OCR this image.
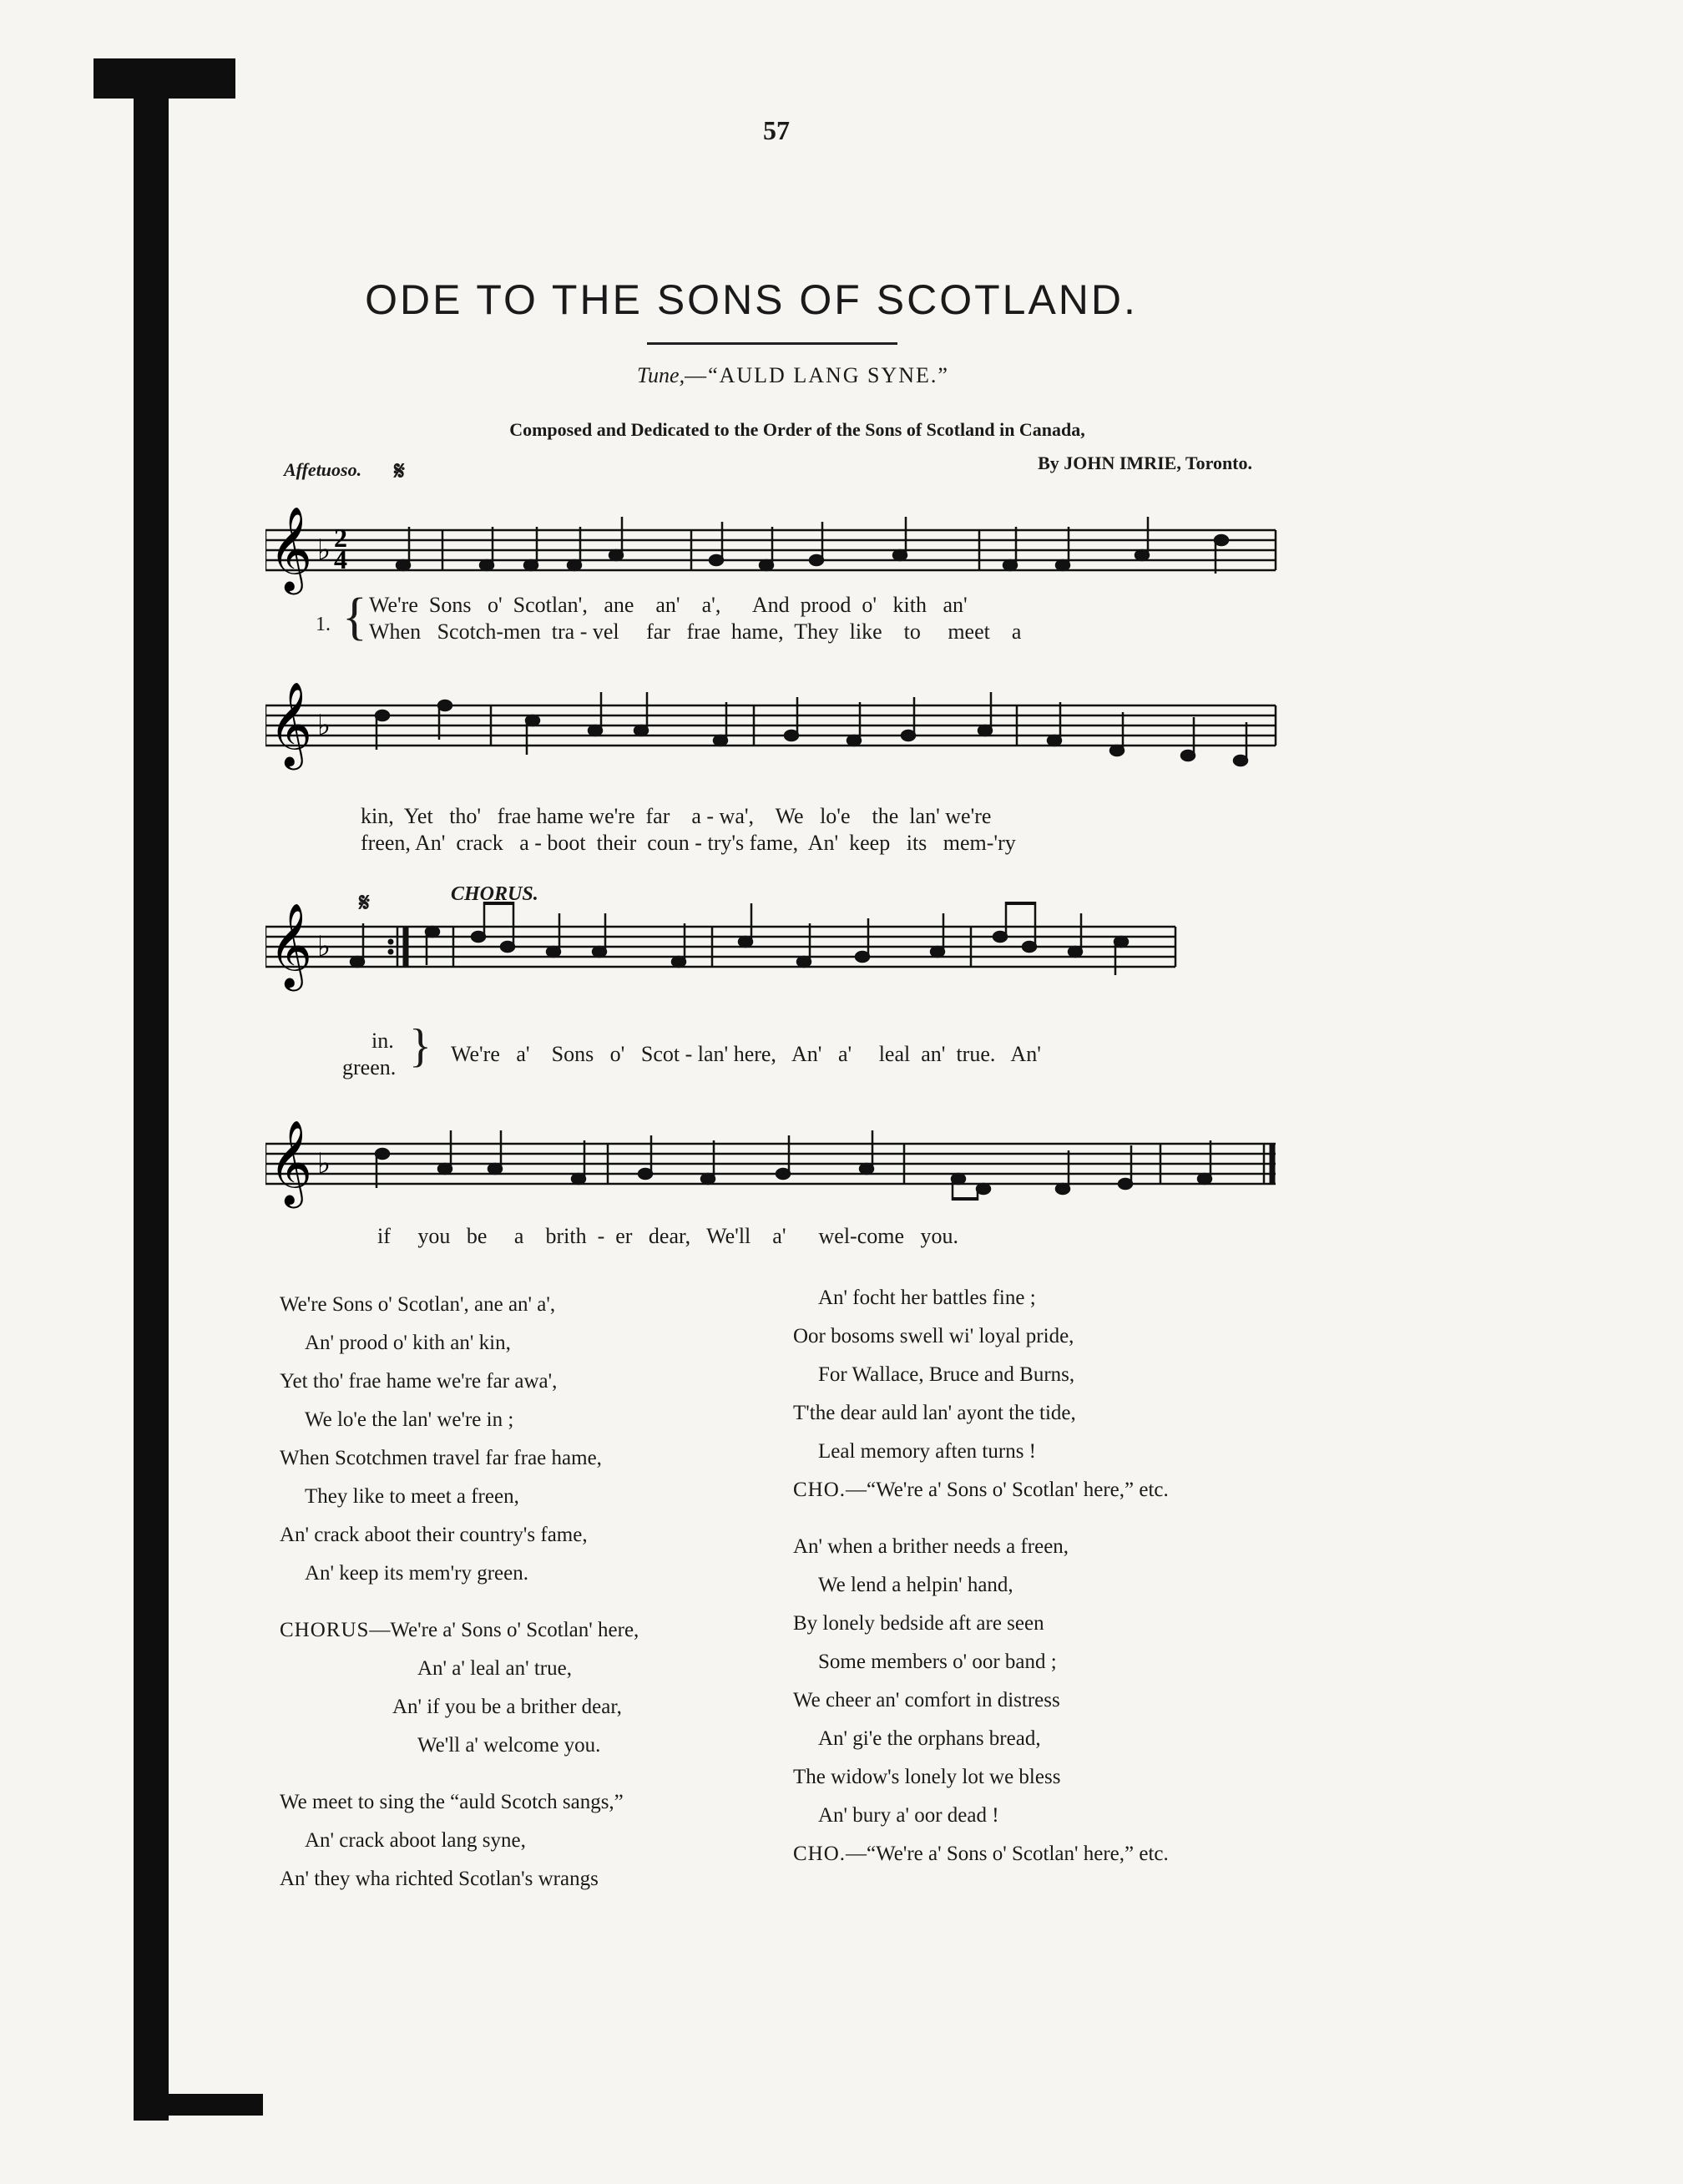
57
ODE TO THE SONS OF SCOTLAND.
Tune,—“AULD LANG SYNE.”
Composed and Dedicated to the Order of the Sons of Scotland in Canada,
Affetuoso.	By JOHN IMRIE, Toronto.
𝄋
𝄞 ♭ 2
4
1. { We're  Sons   o'  Scotlan',   ane    an'    a',      And  prood  o'   kith   an'
When   Scotch-men  tra - vel     far   frae  hame,  They  like    to     meet    a
𝄞 ♭
kin,  Yet   tho'   frae hame we're  far    a - wa',    We   lo'e    the  lan' we're
freen, An'  crack   a - boot  their  coun - try's fame,  An'  keep   its   mem-'ry
𝄋	CHORUS.
𝄞 ♭
in.
green. { We're   a'    Sons   o'   Scot - lan' here,   An'   a'     leal  an'  true.   An'
𝄞 ♭
if     you   be     a    brith  -  er   dear,   We'll    a'      wel-come   you.
We're Sons o' Scotlan', ane an' a',
An' prood o' kith an' kin,
Yet tho' frae hame we're far awa',
We lo'e the lan' we're in ;
When Scotchmen travel far frae hame,
They like to meet a freen,
An' crack aboot their country's fame,
An' keep its mem'ry green.
CHORUS—We're a' Sons o' Scotlan' here,
An' a' leal an' true,
An' if you be a brither dear,
We'll a' welcome you.
We meet to sing the “auld Scotch sangs,”
An' crack aboot lang syne,
An' they wha richted Scotlan's wrangs
An' focht her battles fine ;
Oor bosoms swell wi' loyal pride,
For Wallace, Bruce and Burns,
T'the dear auld lan' ayont the tide,
Leal memory aften turns !
CHO.—“We're a' Sons o' Scotlan' here,” etc.
An' when a brither needs a freen,
We lend a helpin' hand,
By lonely bedside aft are seen
Some members o' oor band ;
We cheer an' comfort in distress
An' gi'e the orphans bread,
The widow's lonely lot we bless
An' bury a' oor dead !
CHO.—“We're a' Sons o' Scotlan' here,” etc.
